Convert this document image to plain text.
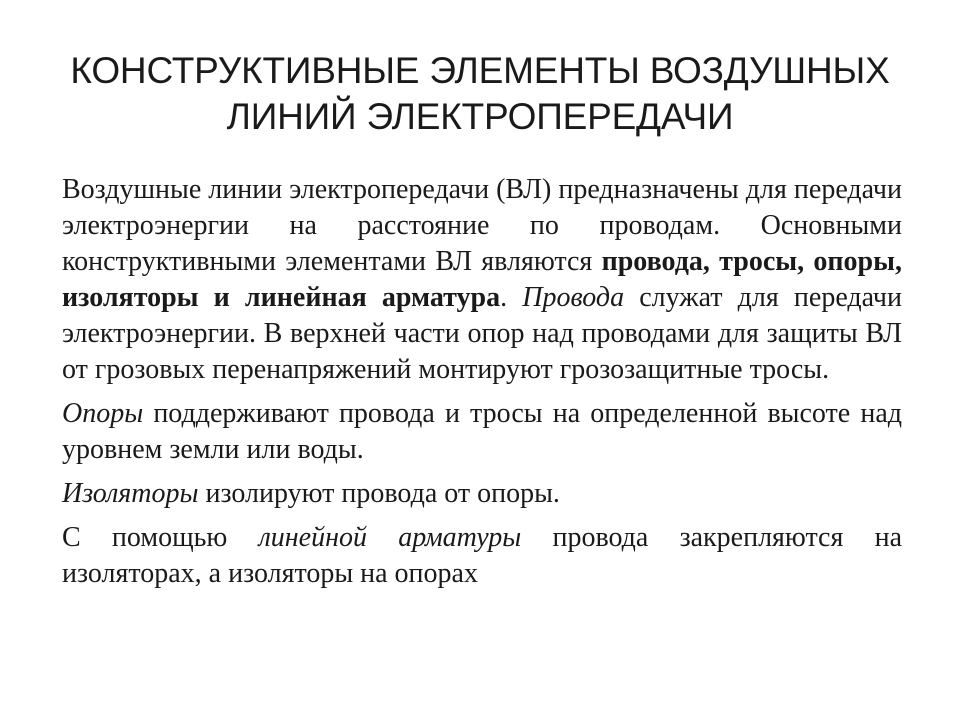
КОНСТРУКТИВНЫЕ ЭЛЕМЕНТЫ ВОЗДУШНЫХ
ЛИНИЙ ЭЛЕКТРОПЕРЕДАЧИ

Воздушные линии электропередачи (ВЛ) предназначены для передачи электроэнергии на расстояние по проводам. Основными конструктивными элементами ВЛ являются провода, тросы, опоры, изоляторы и линейная арматура. Провода служат для передачи электроэнергии. В верхней части опор над проводами для защиты ВЛ от грозовых перенапряжений монтируют грозозащитные тросы.

Опоры поддерживают провода и тросы на определенной высоте над уровнем земли или воды.

Изоляторы изолируют провода от опоры.

С помощью линейной арматуры провода закрепляются на изоляторах, а изоляторы на опорах
